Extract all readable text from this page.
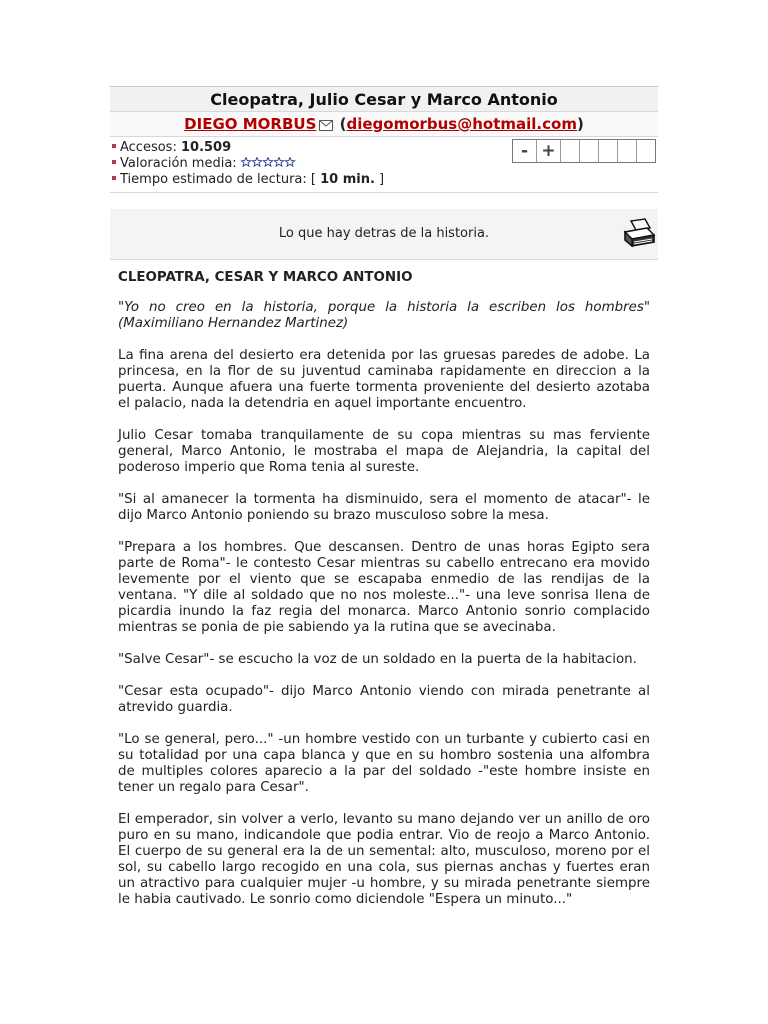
Cleopatra, Julio Cesar y Marco Antonio
DIEGO MORBUS (diegomorbus@hotmail.com)
Accesos: 10.509
Valoración media:
Tiempo estimado de lectura: [ 10 min. ]
- +
Lo que hay detras de la historia.
CLEOPATRA, CESAR Y MARCO ANTONIO
"Yo no creo en la historia, porque la historia la escriben los hombres" (Maximiliano Hernandez Martinez)

La fina arena del desierto era detenida por las gruesas paredes de adobe. La princesa, en la flor de su juventud caminaba rapidamente en direccion a la puerta. Aunque afuera una fuerte tormenta proveniente del desierto azotaba el palacio, nada la detendria en aquel importante encuentro.

Julio Cesar tomaba tranquilamente de su copa mientras su mas ferviente general, Marco Antonio, le mostraba el mapa de Alejandria, la capital del poderoso imperio que Roma tenia al sureste.

"Si al amanecer la tormenta ha disminuido, sera el momento de atacar"- le dijo Marco Antonio poniendo su brazo musculoso sobre la mesa.

"Prepara a los hombres. Que descansen. Dentro de unas horas Egipto sera parte de Roma"- le contesto Cesar mientras su cabello entrecano era movido levemente por el viento que se escapaba enmedio de las rendijas de la ventana. "Y dile al soldado que no nos moleste..."- una leve sonrisa llena de picardia inundo la faz regia del monarca. Marco Antonio sonrio complacido mientras se ponia de pie sabiendo ya la rutina que se avecinaba.

"Salve Cesar"- se escucho la voz de un soldado en la puerta de la habitacion.

"Cesar esta ocupado"- dijo Marco Antonio viendo con mirada penetrante al atrevido guardia.

"Lo se general, pero..." -un hombre vestido con un turbante y cubierto casi en su totalidad por una capa blanca y que en su hombro sostenia una alfombra de multiples colores aparecio a la par del soldado -"este hombre insiste en tener un regalo para Cesar".

El emperador, sin volver a verlo, levanto su mano dejando ver un anillo de oro puro en su mano, indicandole que podia entrar. Vio de reojo a Marco Antonio. El cuerpo de su general era la de un semental: alto, musculoso, moreno por el sol, su cabello largo recogido en una cola, sus piernas anchas y fuertes eran un atractivo para cualquier mujer -u hombre, y su mirada penetrante siempre le habia cautivado. Le sonrio como diciendole "Espera un minuto..."
